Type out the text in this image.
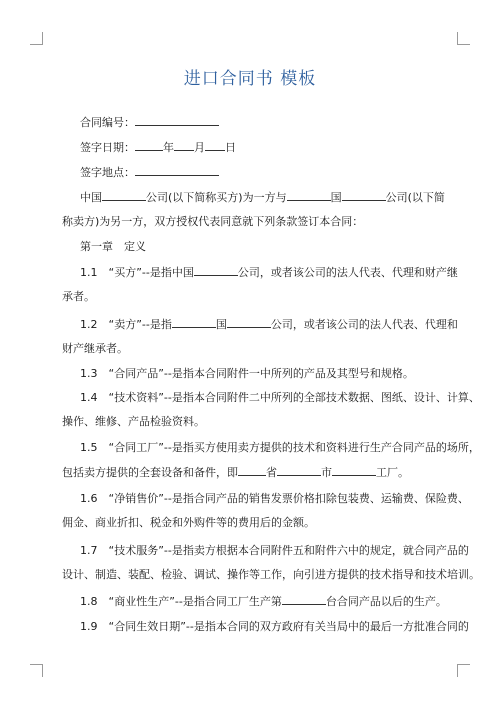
进口合同书 模板
合同编号：
签字日期：	年 月 日
签字地点：
中国	公司(以下简称买方)为一方与	国	公司(以下简
称卖方)为另一方，双方授权代表同意就下列条款签订本合同：
第一章　定义
1.1　“买方”--是指中国	公司，或者该公司的法人代表、代理和财产继
承者。
1.2　“卖方”--是指	国	公司，或者该公司的法人代表、代理和
财产继承者。
1.3　“合同产品”--是指本合同附件一中所列的产品及其型号和规格。
1.4　“技术资料”--是指本合同附件二中所列的全部技术数据、图纸、设计、计算、
操作、维修、产品检验资料。
1.5　“合同工厂”--是指买方使用卖方提供的技术和资料进行生产合同产品的场所，
包括卖方提供的全套设备和备件，即	省	市	工厂。
1.6　“净销售价”--是指合同产品的销售发票价格扣除包装费、运输费、保险费、
佣金、商业折扣、税金和外购件等的费用后的金额。
1.7　“技术服务”--是指卖方根据本合同附件五和附件六中的规定，就合同产品的
设计、制造、装配、检验、调试、操作等工作，向引进方提供的技术指导和技术培训。
1.8　“商业性生产”--是指合同工厂生产第	台合同产品以后的生产。
1.9　“合同生效日期”--是指本合同的双方政府有关当局中的最后一方批准合同的
